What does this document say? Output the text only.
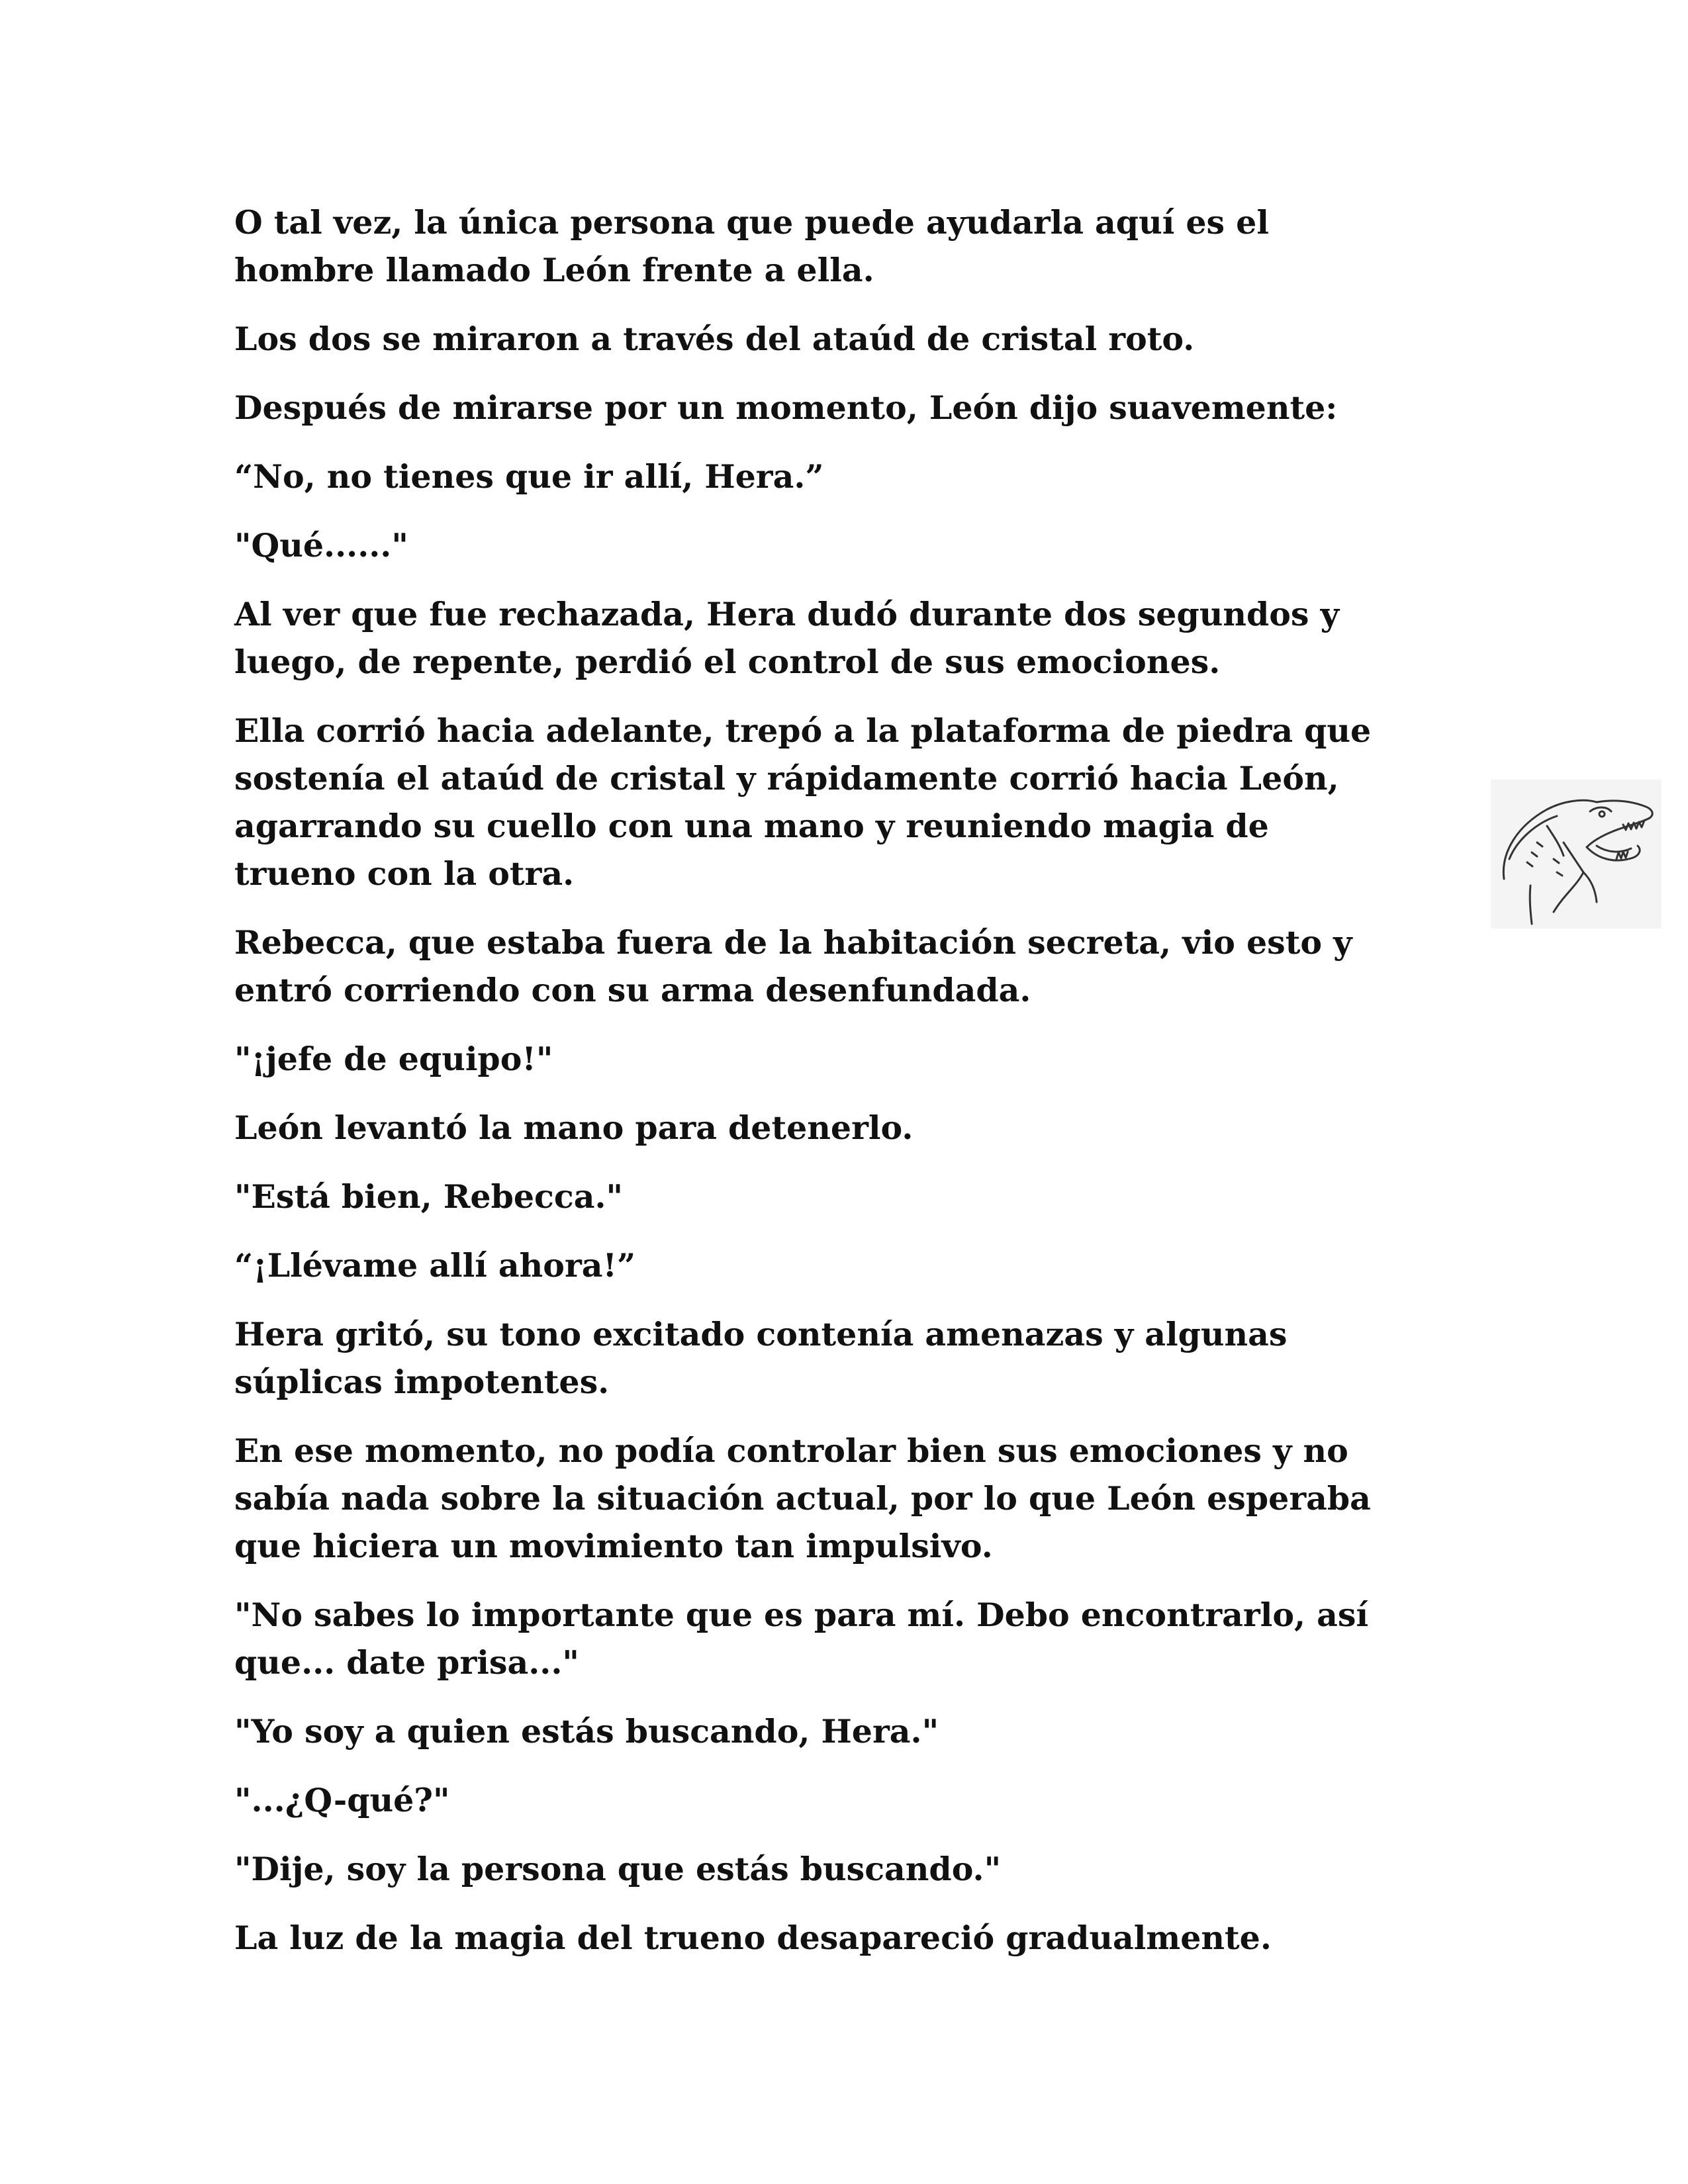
O tal vez, la única persona que puede ayudarla aquí es el
hombre llamado León frente a ella.

Los dos se miraron a través del ataúd de cristal roto.

Después de mirarse por un momento, León dijo suavemente:

“No, no tienes que ir allí, Hera.”

"Qué......"

Al ver que fue rechazada, Hera dudó durante dos segundos y
luego, de repente, perdió el control de sus emociones.

Ella corrió hacia adelante, trepó a la plataforma de piedra que
sostenía el ataúd de cristal y rápidamente corrió hacia León,
agarrando su cuello con una mano y reuniendo magia de
trueno con la otra.

Rebecca, que estaba fuera de la habitación secreta, vio esto y
entró corriendo con su arma desenfundada.

"¡jefe de equipo!"

León levantó la mano para detenerlo.

"Está bien, Rebecca."

“¡Llévame allí ahora!”

Hera gritó, su tono excitado contenía amenazas y algunas
súplicas impotentes.

En ese momento, no podía controlar bien sus emociones y no
sabía nada sobre la situación actual, por lo que León esperaba
que hiciera un movimiento tan impulsivo.

"No sabes lo importante que es para mí. Debo encontrarlo, así
que... date prisa..."

"Yo soy a quien estás buscando, Hera."

"...¿Q-qué?"

"Dije, soy la persona que estás buscando."

La luz de la magia del trueno desapareció gradualmente.
